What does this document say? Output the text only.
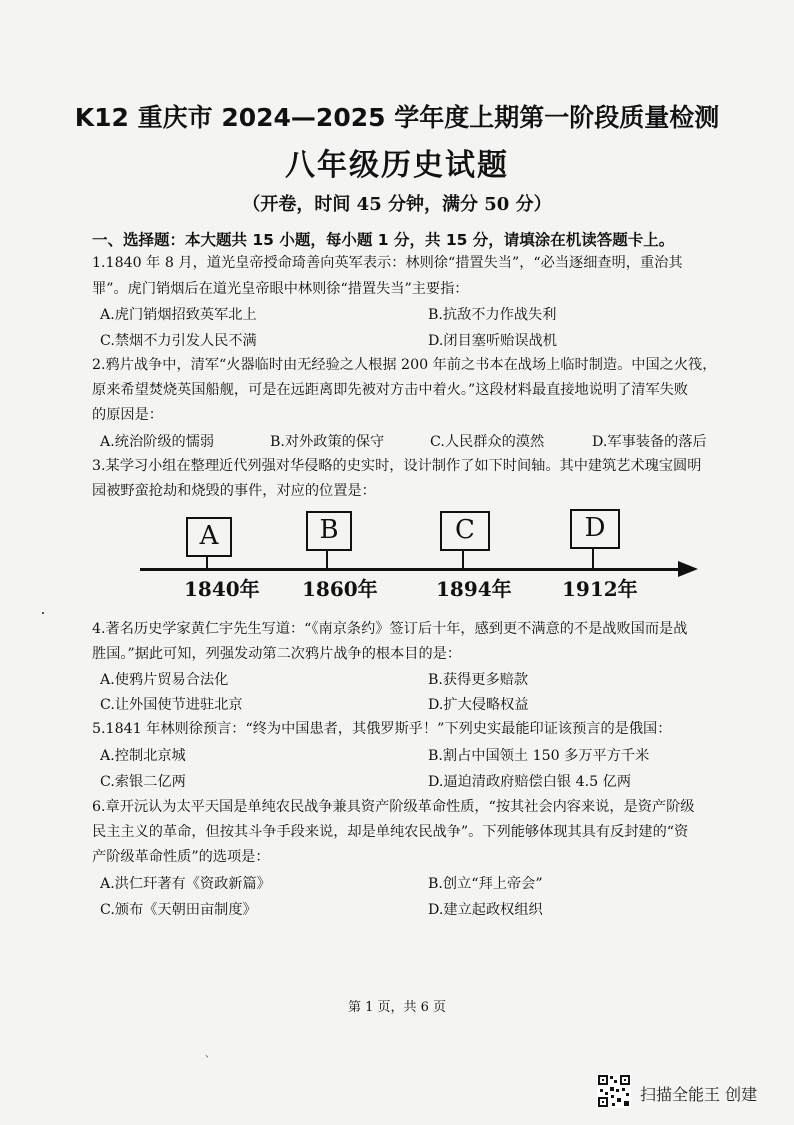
K12 重庆市 2024—2025 学年度上期第一阶段质量检测
八年级历史试题
（开卷，时间 45 分钟，满分 50 分）
一、选择题：本大题共 15 小题，每小题 1 分，共 15 分，请填涂在机读答题卡上。
1.1840 年 8 月，道光皇帝授命琦善向英军表示：林则徐“措置失当”，“必当逐细查明，重治其
罪”。虎门销烟后在道光皇帝眼中林则徐“措置失当”主要指：
A.虎门销烟招致英军北上	B.抗敌不力作战失利
C.禁烟不力引发人民不满	D.闭目塞听贻误战机
2.鸦片战争中，清军“火器临时由无经验之人根据 200 年前之书本在战场上临时制造。中国之火筏，
原来希望焚烧英国船舰，可是在远距离即先被对方击中着火。”这段材料最直接地说明了清军失败
的原因是：
A.统治阶级的懦弱	B.对外政策的保守	C.人民群众的漠然	D.军事装备的落后
3.某学习小组在整理近代列强对华侵略的史实时，设计制作了如下时间轴。其中建筑艺术瑰宝圆明
园被野蛮抢劫和烧毁的事件，对应的位置是：
A	B	C	D
1840年 1860年	1894年	1912年
4.著名历史学家黄仁宇先生写道：“《南京条约》签订后十年，感到更不满意的不是战败国而是战
胜国。”据此可知，列强发动第二次鸦片战争的根本目的是：
A.使鸦片贸易合法化	B.获得更多赔款
C.让外国使节进驻北京	D.扩大侵略权益
5.1841 年林则徐预言：“终为中国患者，其俄罗斯乎！”下列史实最能印证该预言的是俄国：
A.控制北京城	B.割占中国领土 150 多万平方千米
C.索银二亿两	D.逼迫清政府赔偿白银 4.5 亿两
6.章开沅认为太平天国是单纯农民战争兼具资产阶级革命性质，“按其社会内容来说，是资产阶级
民主主义的革命，但按其斗争手段来说，却是单纯农民战争”。下列能够体现其具有反封建的“资
产阶级革命性质”的选项是：
A.洪仁玕著有《资政新篇》	B.创立“拜上帝会”
C.颁布《天朝田亩制度》	D.建立起政权组织
第 1 页，共 6 页
、
扫描全能王 创建
